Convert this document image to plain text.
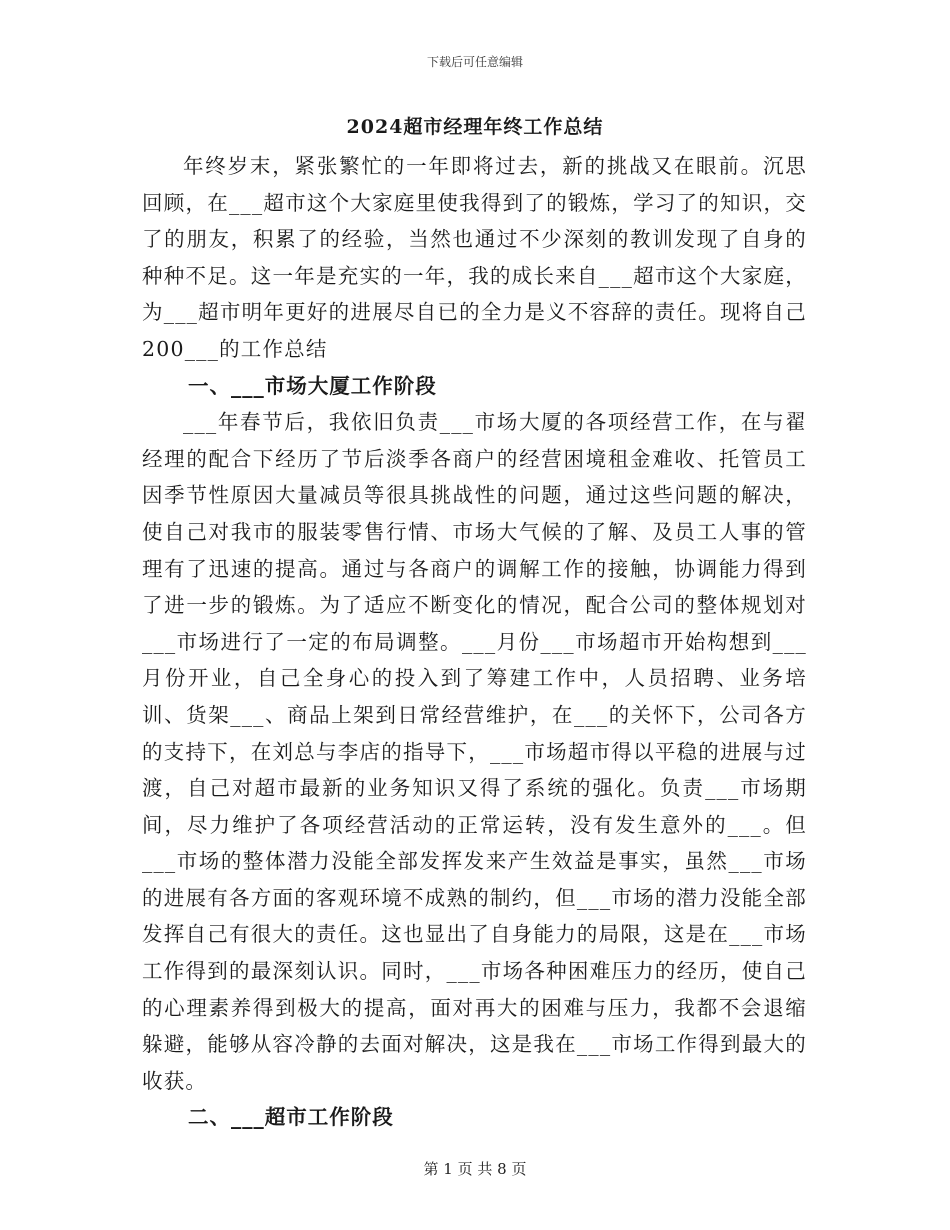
下载后可任意编辑
2024超市经理年终工作总结

年终岁末，紧张繁忙的一年即将过去，新的挑战又在眼前。沉思回顾，在___超市这个大家庭里使我得到了的锻炼，学习了的知识，交了的朋友，积累了的经验，当然也通过不少深刻的教训发现了自身的种种不足。这一年是充实的一年，我的成长来自___超市这个大家庭，为___超市明年更好的进展尽自已的全力是义不容辞的责任。现将自己200___的工作总结

一、___市场大厦工作阶段

___年春节后，我依旧负责___市场大厦的各项经营工作，在与翟经理的配合下经历了节后淡季各商户的经营困境租金难收、托管员工因季节性原因大量减员等很具挑战性的问题，通过这些问题的解决，使自己对我市的服装零售行情、市场大气候的了解、及员工人事的管理有了迅速的提高。通过与各商户的调解工作的接触，协调能力得到了进一步的锻炼。为了适应不断变化的情况，配合公司的整体规划对___市场进行了一定的布局调整。___月份___市场超市开始构想到___月份开业，自己全身心的投入到了筹建工作中，人员招聘、业务培训、货架___、商品上架到日常经营维护，在___的关怀下，公司各方的支持下，在刘总与李店的指导下，___市场超市得以平稳的进展与过渡，自己对超市最新的业务知识又得了系统的强化。负责___市场期间，尽力维护了各项经营活动的正常运转，没有发生意外的___。但___市场的整体潜力没能全部发挥发来产生效益是事实，虽然___市场的进展有各方面的客观环境不成熟的制约，但___市场的潜力没能全部发挥自己有很大的责任。这也显出了自身能力的局限，这是在___市场工作得到的最深刻认识。同时，___市场各种困难压力的经历，使自己的心理素养得到极大的提高，面对再大的困难与压力，我都不会退缩躲避，能够从容冷静的去面对解决，这是我在___市场工作得到最大的收获。

二、___超市工作阶段

第 1 页 共 8 页
